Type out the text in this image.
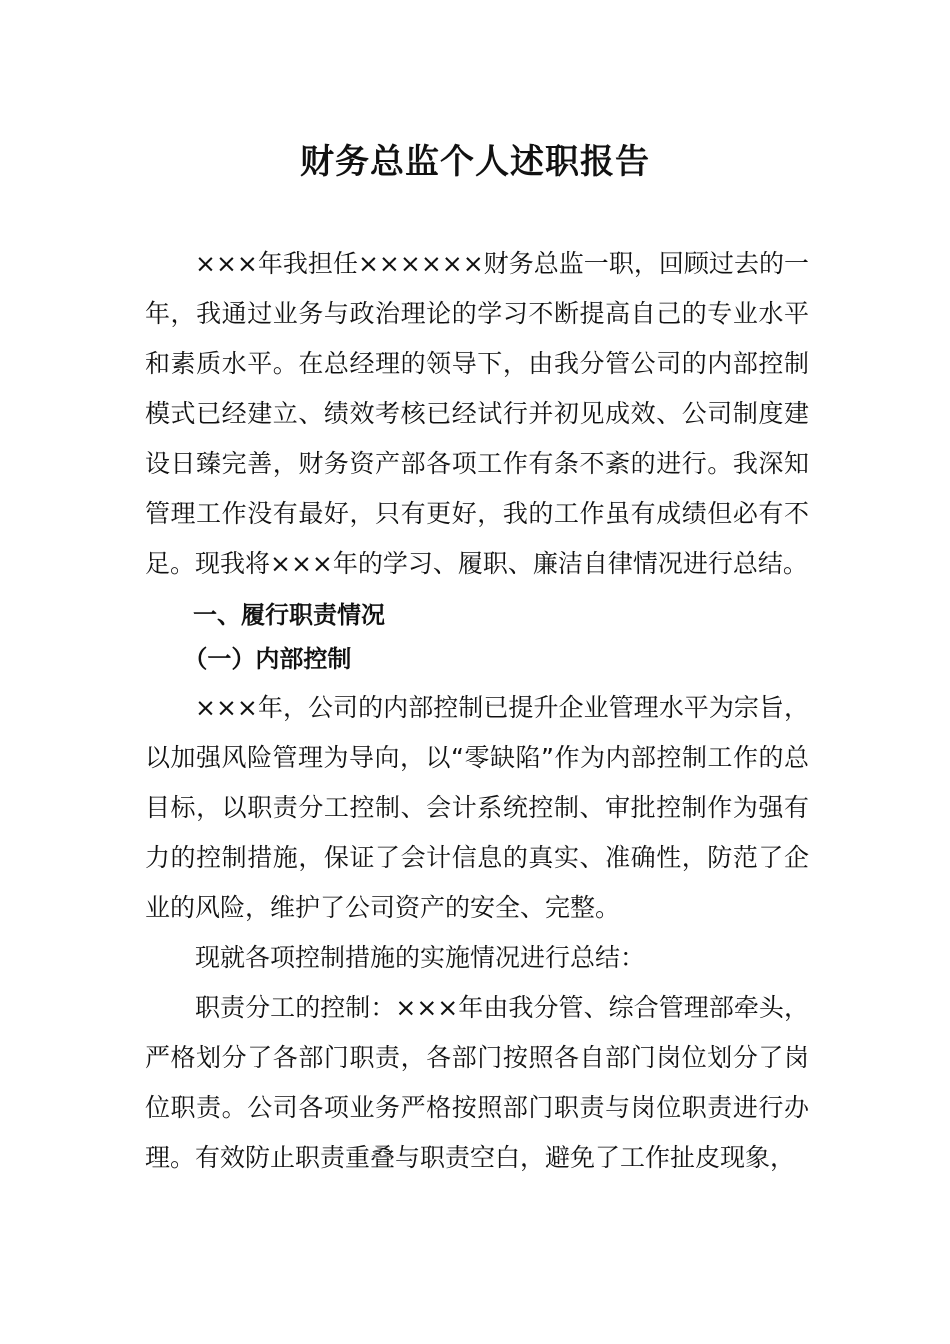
财务总监个人述职报告

×××年我担任××××××财务总监一职，回顾过去的一年，我通过业务与政治理论的学习不断提高自己的专业水平和素质水平。在总经理的领导下，由我分管公司的内部控制模式已经建立、绩效考核已经试行并初见成效、公司制度建设日臻完善，财务资产部各项工作有条不紊的进行。我深知管理工作没有最好，只有更好，我的工作虽有成绩但必有不足。现我将×××年的学习、履职、廉洁自律情况进行总结。

一、履行职责情况

（一）内部控制

×××年，公司的内部控制已提升企业管理水平为宗旨，以加强风险管理为导向，以“零缺陷”作为内部控制工作的总目标，以职责分工控制、会计系统控制、审批控制作为强有力的控制措施，保证了会计信息的真实、准确性，防范了企业的风险，维护了公司资产的安全、完整。

现就各项控制措施的实施情况进行总结：

职责分工的控制：×××年由我分管、综合管理部牵头，严格划分了各部门职责，各部门按照各自部门岗位划分了岗位职责。公司各项业务严格按照部门职责与岗位职责进行办理。有效防止职责重叠与职责空白，避免了工作扯皮现象，
